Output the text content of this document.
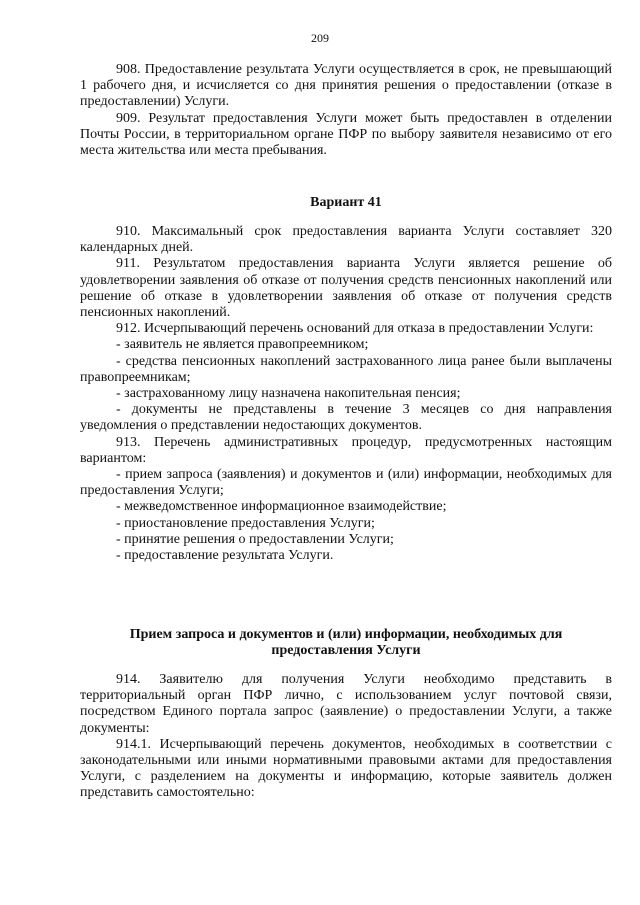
209

908. Предоставление результата Услуги осуществляется в срок, не превышающий 1 рабочего дня, и исчисляется со дня принятия решения о предоставлении (отказе в предоставлении) Услуги.

909. Результат предоставления Услуги может быть предоставлен в отделении Почты России, в территориальном органе ПФР по выбору заявителя независимо от его места жительства или места пребывания.

Вариант 41

910. Максимальный срок предоставления варианта Услуги составляет 320 календарных дней.

911. Результатом предоставления варианта Услуги является решение об удовлетворении заявления об отказе от получения средств пенсионных накоплений или решение об отказе в удовлетворении заявления об отказе от получения средств пенсионных накоплений.

912. Исчерпывающий перечень оснований для отказа в предоставлении Услуги:

- заявитель не является правопреемником;

- средства пенсионных накоплений застрахованного лица ранее были выплачены правопреемникам;

- застрахованному лицу назначена накопительная пенсия;

- документы не представлены в течение 3 месяцев со дня направления уведомления о представлении недостающих документов.

913. Перечень административных процедур, предусмотренных настоящим вариантом:

- прием запроса (заявления) и документов и (или) информации, необходимых для предоставления Услуги;

- межведомственное информационное взаимодействие;

- приостановление предоставления Услуги;

- принятие решения о предоставлении Услуги;

- предоставление результата Услуги.

Прием запроса и документов и (или) информации, необходимых для предоставления Услуги

914. Заявителю для получения Услуги необходимо представить в территориальный орган ПФР лично, с использованием услуг почтовой связи, посредством Единого портала запрос (заявление) о предоставлении Услуги, а также документы:

914.1. Исчерпывающий перечень документов, необходимых в соответствии с законодательными или иными нормативными правовыми актами для предоставления Услуги, с разделением на документы и информацию, которые заявитель должен представить самостоятельно:
